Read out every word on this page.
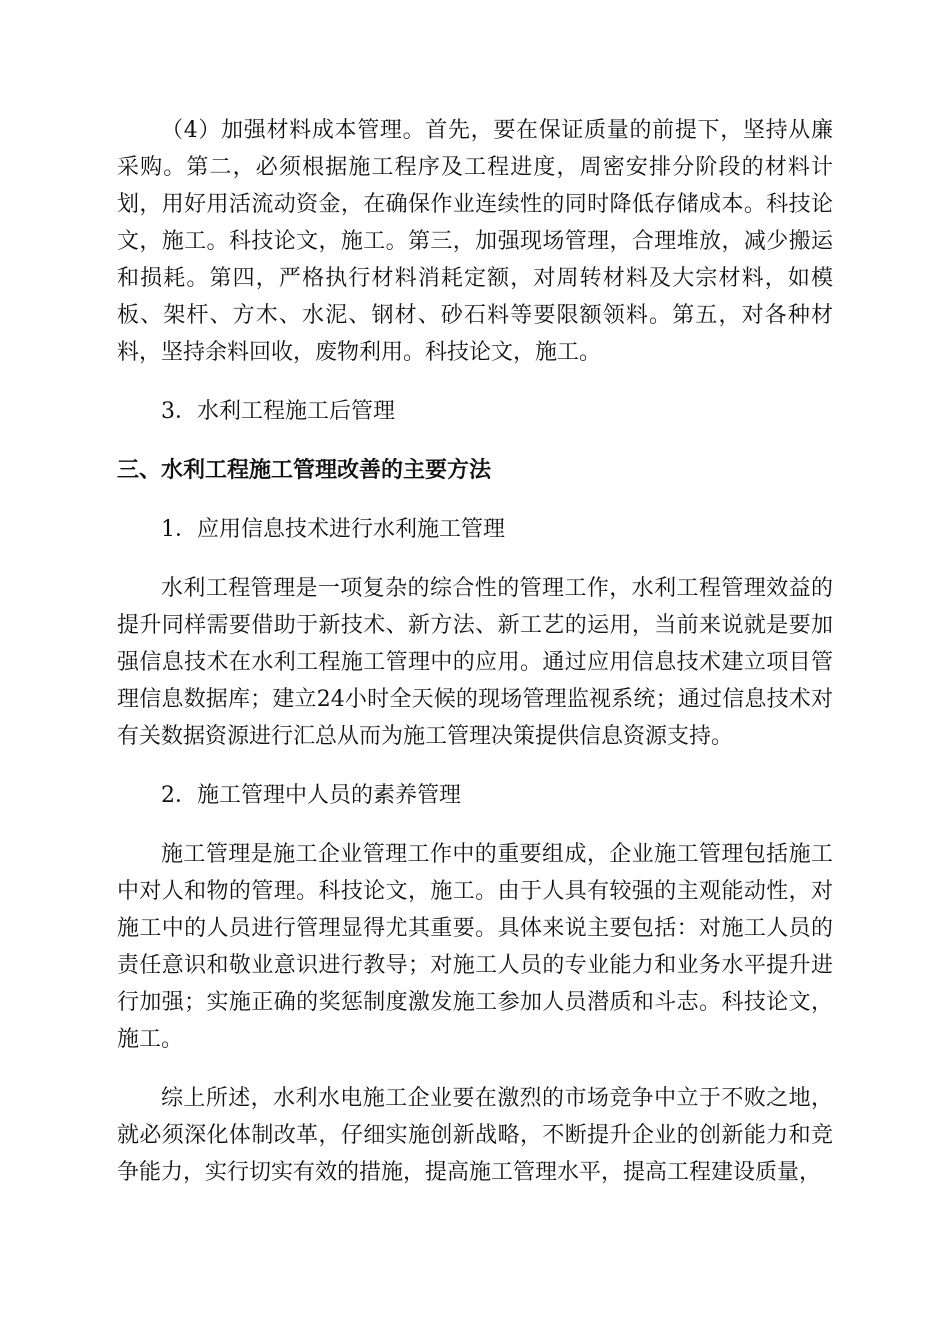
（4）加强材料成本管理。首先，要在保证质量的前提下，坚持从廉采购。第二，必须根据施工程序及工程进度，周密安排分阶段的材料计划，用好用活流动资金，在确保作业连续性的同时降低存储成本。科技论文，施工。科技论文，施工。第三，加强现场管理，合理堆放，减少搬运和损耗。第四，严格执行材料消耗定额，对周转材料及大宗材料，如模板、架杆、方木、水泥、钢材、砂石料等要限额领料。第五，对各种材料，坚持余料回收，废物利用。科技论文，施工。

3．水利工程施工后管理

三、水利工程施工管理改善的主要方法

1．应用信息技术进行水利施工管理

水利工程管理是一项复杂的综合性的管理工作，水利工程管理效益的提升同样需要借助于新技术、新方法、新工艺的运用，当前来说就是要加强信息技术在水利工程施工管理中的应用。通过应用信息技术建立项目管理信息数据库；建立24小时全天候的现场管理监视系统；通过信息技术对有关数据资源进行汇总从而为施工管理决策提供信息资源支持。

2．施工管理中人员的素养管理

施工管理是施工企业管理工作中的重要组成，企业施工管理包括施工中对人和物的管理。科技论文，施工。由于人具有较强的主观能动性，对施工中的人员进行管理显得尤其重要。具体来说主要包括：对施工人员的责任意识和敬业意识进行教导；对施工人员的专业能力和业务水平提升进行加强；实施正确的奖惩制度激发施工参加人员潜质和斗志。科技论文，施工。

综上所述，水利水电施工企业要在激烈的市场竞争中立于不败之地，就必须深化体制改革，仔细实施创新战略，不断提升企业的创新能力和竞争能力，实行切实有效的措施，提高施工管理水平，提高工程建设质量，
